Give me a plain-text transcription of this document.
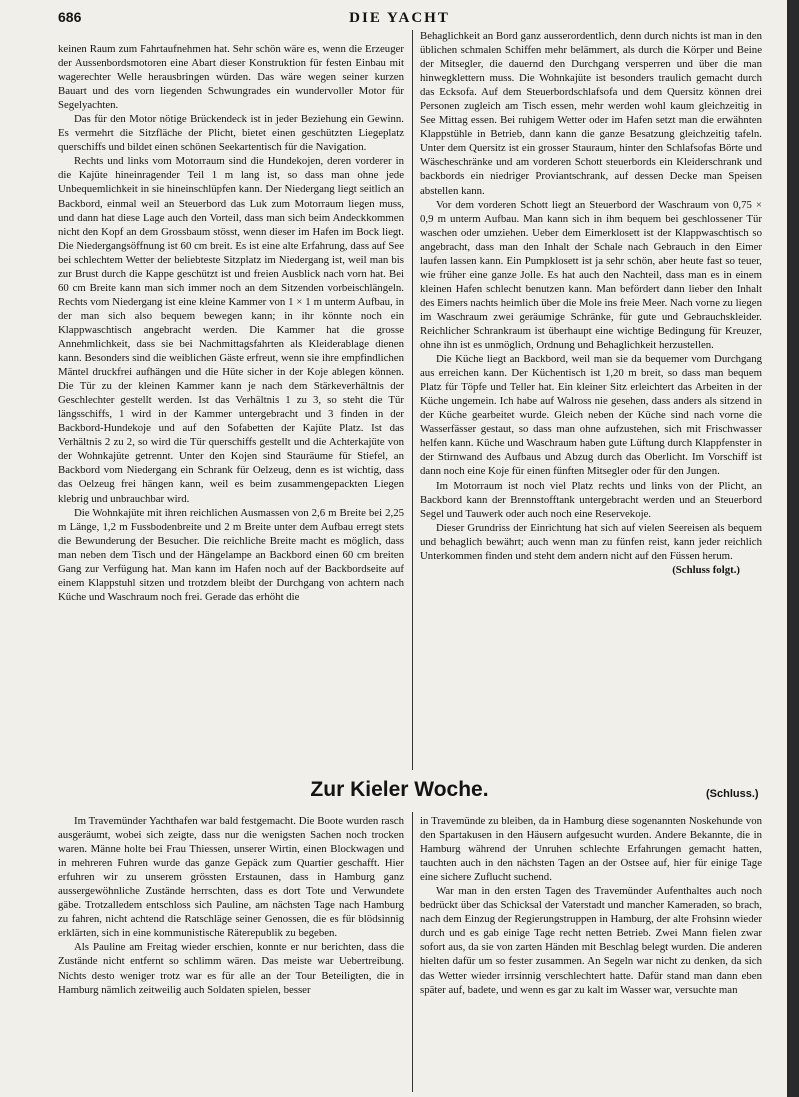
686	DIE YACHT

keinen Raum zum Fahrtaufnehmen hat. Sehr schön wäre es, wenn die Erzeuger der Aussenbordsmotoren eine Abart dieser Konstruktion für festen Einbau mit wagerechter Welle herausbringen würden. Das wäre wegen seiner kurzen Bauart und des vorn liegenden Schwungrades ein wundervoller Motor für Segelyachten.

Das für den Motor nötige Brückendeck ist in jeder Beziehung ein Gewinn. Es vermehrt die Sitzfläche der Plicht, bietet einen geschützten Liegeplatz querschiffs und bildet einen schönen Seekartentisch für die Navigation.

Rechts und links vom Motorraum sind die Hundekojen, deren vorderer in die Kajüte hineinragender Teil 1 m lang ist, so dass man ohne jede Unbequemlichkeit in sie hineinschlüpfen kann. Der Niedergang liegt seitlich an Backbord, einmal weil an Steuerbord das Luk zum Motorraum liegen muss, und dann hat diese Lage auch den Vorteil, dass man sich beim Andeckkommen nicht den Kopf an dem Grossbaum stösst, wenn dieser im Hafen im Bock liegt. Die Niedergangsöffnung ist 60 cm breit. Es ist eine alte Erfahrung, dass auf See bei schlechtem Wetter der beliebteste Sitzplatz im Niedergang ist, weil man bis zur Brust durch die Kappe geschützt ist und freien Ausblick nach vorn hat. Bei 60 cm Breite kann man sich immer noch an dem Sitzenden vorbeischlängeln. Rechts vom Niedergang ist eine kleine Kammer von 1 × 1 m unterm Aufbau, in der man sich also bequem bewegen kann; in ihr könnte noch ein Klappwaschtisch angebracht werden. Die Kammer hat die grosse Annehmlichkeit, dass sie bei Nachmittagsfahrten als Kleiderablage dienen kann. Besonders sind die weiblichen Gäste erfreut, wenn sie ihre empfindlichen Mäntel druckfrei aufhängen und die Hüte sicher in der Koje ablegen können. Die Tür zu der kleinen Kammer kann je nach dem Stärkeverhältnis der Geschlechter gestellt werden. Ist das Verhältnis 1 zu 3, so steht die Tür längsschiffs, 1 wird in der Kammer untergebracht und 3 finden in der Backbord-Hundekoje und auf den Sofabetten der Kajüte Platz. Ist das Verhältnis 2 zu 2, so wird die Tür querschiffs gestellt und die Achterkajüte von der Wohnkajüte getrennt. Unter den Kojen sind Stauräume für Stiefel, an Backbord vom Niedergang ein Schrank für Oelzeug, denn es ist wichtig, dass das Oelzeug frei hängen kann, weil es beim zusammengepackten Liegen klebrig und unbrauchbar wird.

Die Wohnkajüte mit ihren reichlichen Ausmassen von 2,6 m Breite bei 2,25 m Länge, 1,2 m Fussbodenbreite und 2 m Breite unter dem Aufbau erregt stets die Bewunderung der Besucher. Die reichliche Breite macht es möglich, dass man neben dem Tisch und der Hängelampe an Backbord einen 60 cm breiten Gang zur Verfügung hat. Man kann im Hafen noch auf der Backbordseite auf einem Klappstuhl sitzen und trotzdem bleibt der Durchgang von achtern nach Küche und Waschraum noch frei. Gerade das erhöht die

Behaglichkeit an Bord ganz ausserordentlich, denn durch nichts ist man in den üblichen schmalen Schiffen mehr belämmert, als durch die Körper und Beine der Mitsegler, die dauernd den Durchgang versperren und über die man hinwegklettern muss. Die Wohnkajüte ist besonders traulich gemacht durch das Ecksofa. Auf dem Steuerbordschlafsofa und dem Quersitz können drei Personen zugleich am Tisch essen, mehr werden wohl kaum gleichzeitig in See Mittag essen. Bei ruhigem Wetter oder im Hafen setzt man die erwähnten Klappstühle in Betrieb, dann kann die ganze Besatzung gleichzeitig tafeln. Unter dem Quersitz ist ein grosser Stauraum, hinter den Schlafsofas Börte und Wäscheschränke und am vorderen Schott steuerbords ein Kleiderschrank und backbords ein niedriger Proviantschrank, auf dessen Decke man Speisen abstellen kann.

Vor dem vorderen Schott liegt an Steuerbord der Waschraum von 0,75 × 0,9 m unterm Aufbau. Man kann sich in ihm bequem bei geschlossener Tür waschen oder umziehen. Ueber dem Eimerklosett ist der Klappwaschtisch so angebracht, dass man den Inhalt der Schale nach Gebrauch in den Eimer laufen lassen kann. Ein Pumpklosett ist ja sehr schön, aber heute fast so teuer, wie früher eine ganze Jolle. Es hat auch den Nachteil, dass man es in einem kleinen Hafen schlecht benutzen kann. Man befördert dann lieber den Inhalt des Eimers nachts heimlich über die Mole ins freie Meer. Nach vorne zu liegen im Waschraum zwei geräumige Schränke, für gute und Gebrauchskleider. Reichlicher Schrankraum ist überhaupt eine wichtige Bedingung für Kreuzer, ohne ihn ist es unmöglich, Ordnung und Behaglichkeit herzustellen.

Die Küche liegt an Backbord, weil man sie da bequemer vom Durchgang aus erreichen kann. Der Küchentisch ist 1,20 m breit, so dass man bequem Platz für Töpfe und Teller hat. Ein kleiner Sitz erleichtert das Arbeiten in der Küche ungemein. Ich habe auf Walross nie gesehen, dass anders als sitzend in der Küche gearbeitet wurde. Gleich neben der Küche sind nach vorne die Wasserfässer gestaut, so dass man ohne aufzustehen, sich mit Frischwasser helfen kann. Küche und Waschraum haben gute Lüftung durch Klappfenster in der Stirnwand des Aufbaus und Abzug durch das Oberlicht. Im Vorschiff ist dann noch eine Koje für einen fünften Mitsegler oder für den Jungen.

Im Motorraum ist noch viel Platz rechts und links von der Plicht, an Backbord kann der Brennstofftank untergebracht werden und an Steuerbord Segel und Tauwerk oder auch noch eine Reservekoje.

Dieser Grundriss der Einrichtung hat sich auf vielen Seereisen als bequem und behaglich bewährt; auch wenn man zu fünfen reist, kann jeder reichlich Unterkommen finden und steht dem andern nicht auf den Füssen herum.

(Schluss folgt.)

Zur Kieler Woche.	(Schluss.)

Im Travemünder Yachthafen war bald festgemacht. Die Boote wurden rasch ausgeräumt, wobei sich zeigte, dass nur die wenigsten Sachen noch trocken waren. Männe holte bei Frau Thiessen, unserer Wirtin, einen Blockwagen und in mehreren Fuhren wurde das ganze Gepäck zum Quartier geschafft. Hier erfuhren wir zu unserem grössten Erstaunen, dass in Hamburg ganz aussergewöhnliche Zustände herrschten, dass es dort Tote und Verwundete gäbe. Trotzalledem entschloss sich Pauline, am nächsten Tage nach Hamburg zu fahren, nicht achtend die Ratschläge seiner Genossen, die es für blödsinnig erklärten, sich in eine kommunistische Räterepublik zu begeben.

Als Pauline am Freitag wieder erschien, konnte er nur berichten, dass die Zustände nicht entfernt so schlimm wären. Das meiste war Uebertreibung. Nichts desto weniger trotz war es für alle an der Tour Beteiligten, die in Hamburg nämlich zeitweilig auch Soldaten spielen, besser

in Travemünde zu bleiben, da in Hamburg diese sogenannten Noskehunde von den Spartakusen in den Häusern aufgesucht wurden. Andere Bekannte, die in Hamburg während der Unruhen schlechte Erfahrungen gemacht hatten, tauchten auch in den nächsten Tagen an der Ostsee auf, hier für einige Tage eine sichere Zuflucht suchend.

War man in den ersten Tagen des Travemünder Aufenthaltes auch noch bedrückt über das Schicksal der Vaterstadt und mancher Kameraden, so brach, nach dem Einzug der Regierungstruppen in Hamburg, der alte Frohsinn wieder durch und es gab einige Tage recht netten Betrieb. Zwei Mann fielen zwar sofort aus, da sie von zarten Händen mit Beschlag belegt wurden. Die anderen hielten dafür um so fester zusammen. An Segeln war nicht zu denken, da sich das Wetter wieder irrsinnig verschlechtert hatte. Dafür stand man dann eben später auf, badete, und wenn es gar zu kalt im Wasser war, versuchte man
